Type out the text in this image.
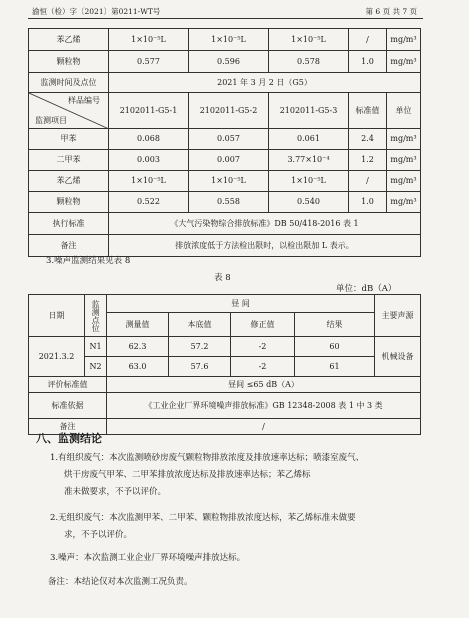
渝恒（检）字〔2021〕第0211-WT号	第 6 页 共 7 页
苯乙烯	1×10⁻⁵L	1×10⁻⁵L	1×10⁻⁵L	/	mg/m³
颗粒物	0.577	0.596	0.578	1.0	mg/m³
监测时间及点位	2021 年 3 月 2 日（G5）				

样品编号
监测项目	2102011-G5-1	2102011-G5-2	2102011-G5-3	标准值	单位
甲苯	0.068	0.057	0.061	2.4	mg/m³
二甲苯	0.003	0.007	3.77×10⁻⁴	1.2	mg/m³
苯乙烯	1×10⁻⁵L	1×10⁻⁵L	1×10⁻⁵L	/	mg/m³
颗粒物	0.522	0.558	0.540	1.0	mg/m³
执行标准	《大气污染物综合排放标准》DB 50/418-2016 表 1				
备注	排放浓度低于方法检出限时，以检出限加 L 表示。				
3.噪声监测结果见表 8
表 8
单位：dB（A）
日期	监测点位	昼 间				主要声源
		测量值	本底值	修正值	结果	
2021.3.2	N1	62.3	57.2	-2	60	机械设备
	N2	63.0	57.6	-2	61	
评价标准值		昼间 ≤65 dB（A）				
标准依据		《工业企业厂界环境噪声排放标准》GB 12348-2008 表 1 中 3 类				
备注		/				
八、监测结论
1.有组织废气：本次监测喷砂房废气颗粒物排放浓度及排放速率达标；喷漆室废气、
烘干房废气甲苯、二甲苯排放浓度达标及排放速率达标；苯乙烯标
准未做要求，不予以评价。
2.无组织废气：本次监测甲苯、二甲苯、颗粒物排放浓度达标，苯乙烯标准未做要
求，不予以评价。
3.噪声：本次监测工业企业厂界环境噪声排放达标。
备注：本结论仅对本次监测工况负责。
